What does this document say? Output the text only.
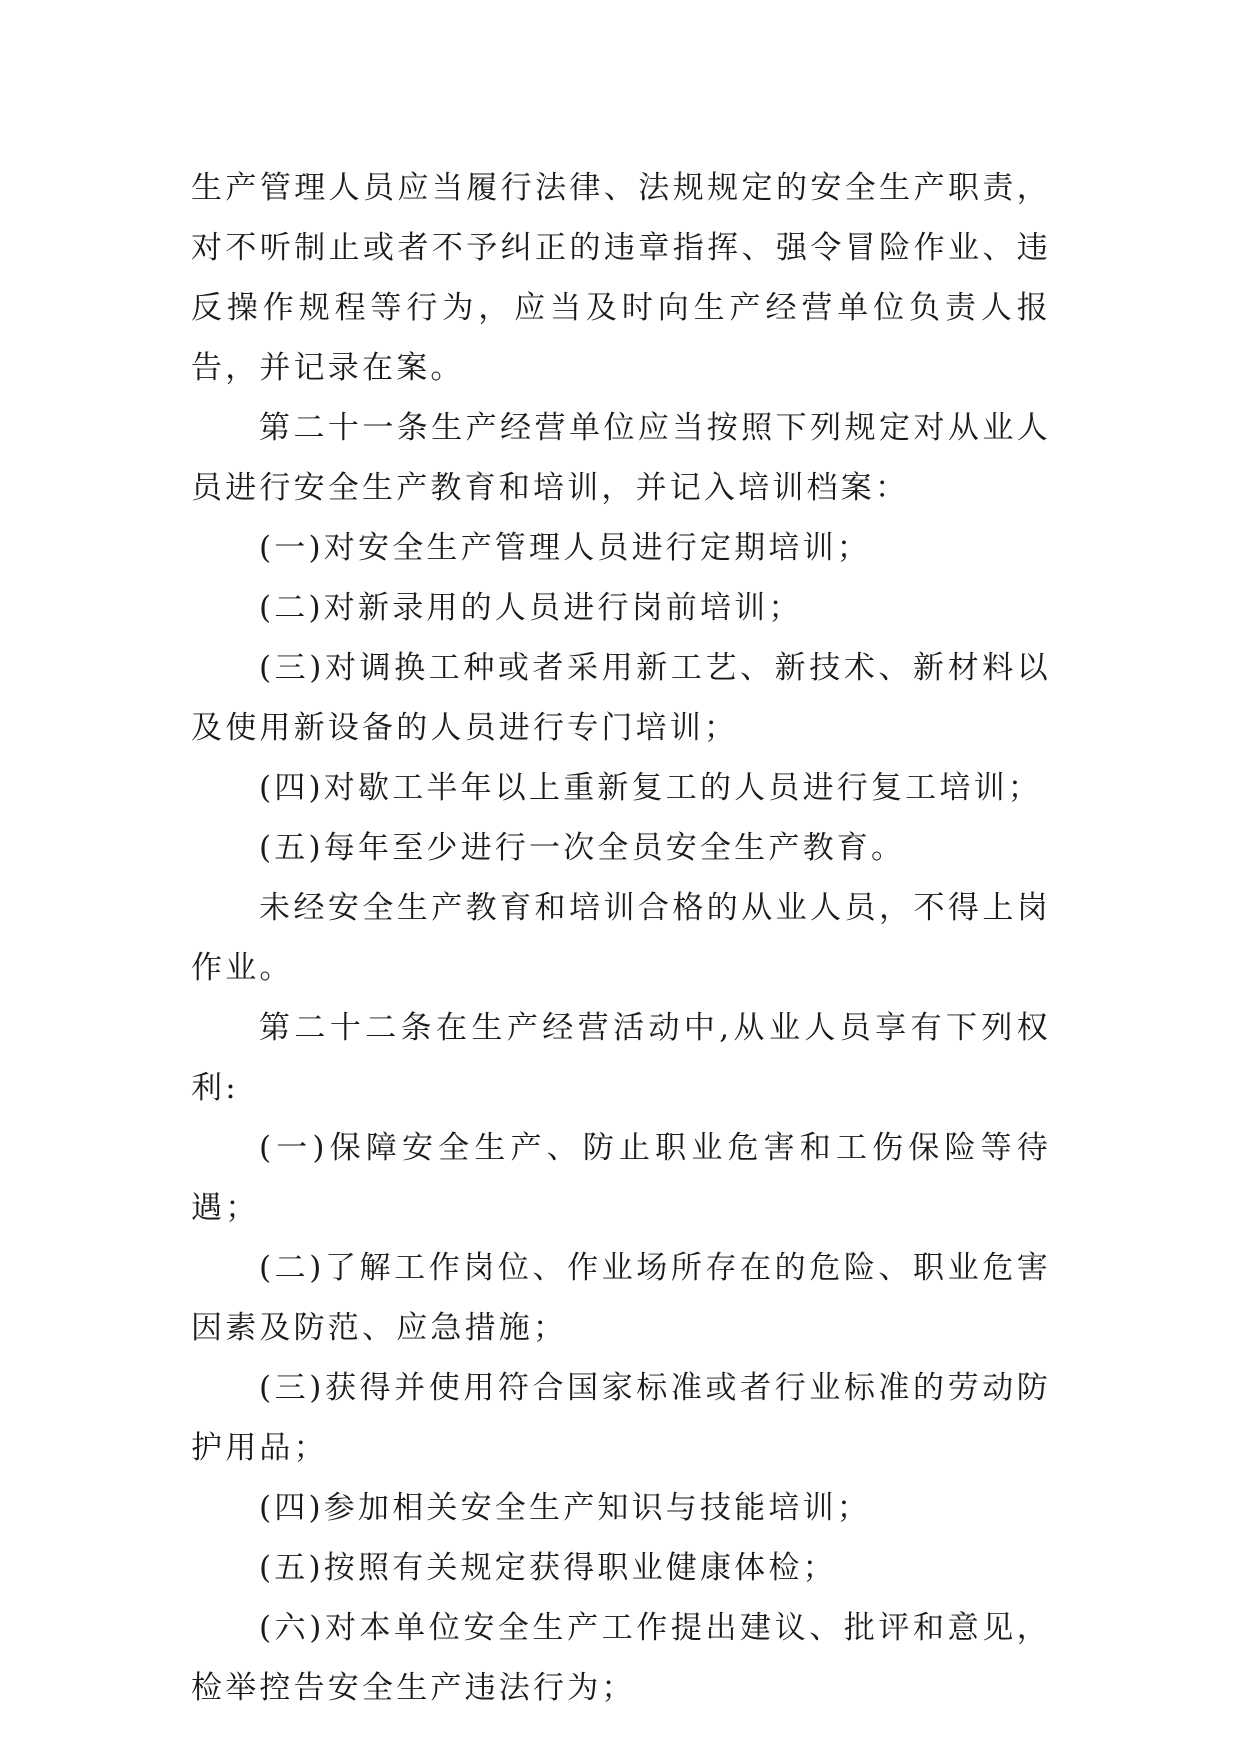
生产管理人员应当履行法律、法规规定的安全生产职责，对不听制止或者不予纠正的违章指挥、强令冒险作业、违反操作规程等行为，应当及时向生产经营单位负责人报告，并记录在案。

第二十一条生产经营单位应当按照下列规定对从业人员进行安全生产教育和培训，并记入培训档案：

(一)对安全生产管理人员进行定期培训；

(二)对新录用的人员进行岗前培训；

(三)对调换工种或者采用新工艺、新技术、新材料以及使用新设备的人员进行专门培训；

(四)对歇工半年以上重新复工的人员进行复工培训；

(五)每年至少进行一次全员安全生产教育。

未经安全生产教育和培训合格的从业人员，不得上岗作业。

第二十二条在生产经营活动中,从业人员享有下列权利:

(一)保障安全生产、防止职业危害和工伤保险等待遇；

(二)了解工作岗位、作业场所存在的危险、职业危害因素及防范、应急措施；

(三)获得并使用符合国家标准或者行业标准的劳动防护用品；

(四)参加相关安全生产知识与技能培训；

(五)按照有关规定获得职业健康体检；

(六)对本单位安全生产工作提出建议、批评和意见，检举控告安全生产违法行为；
